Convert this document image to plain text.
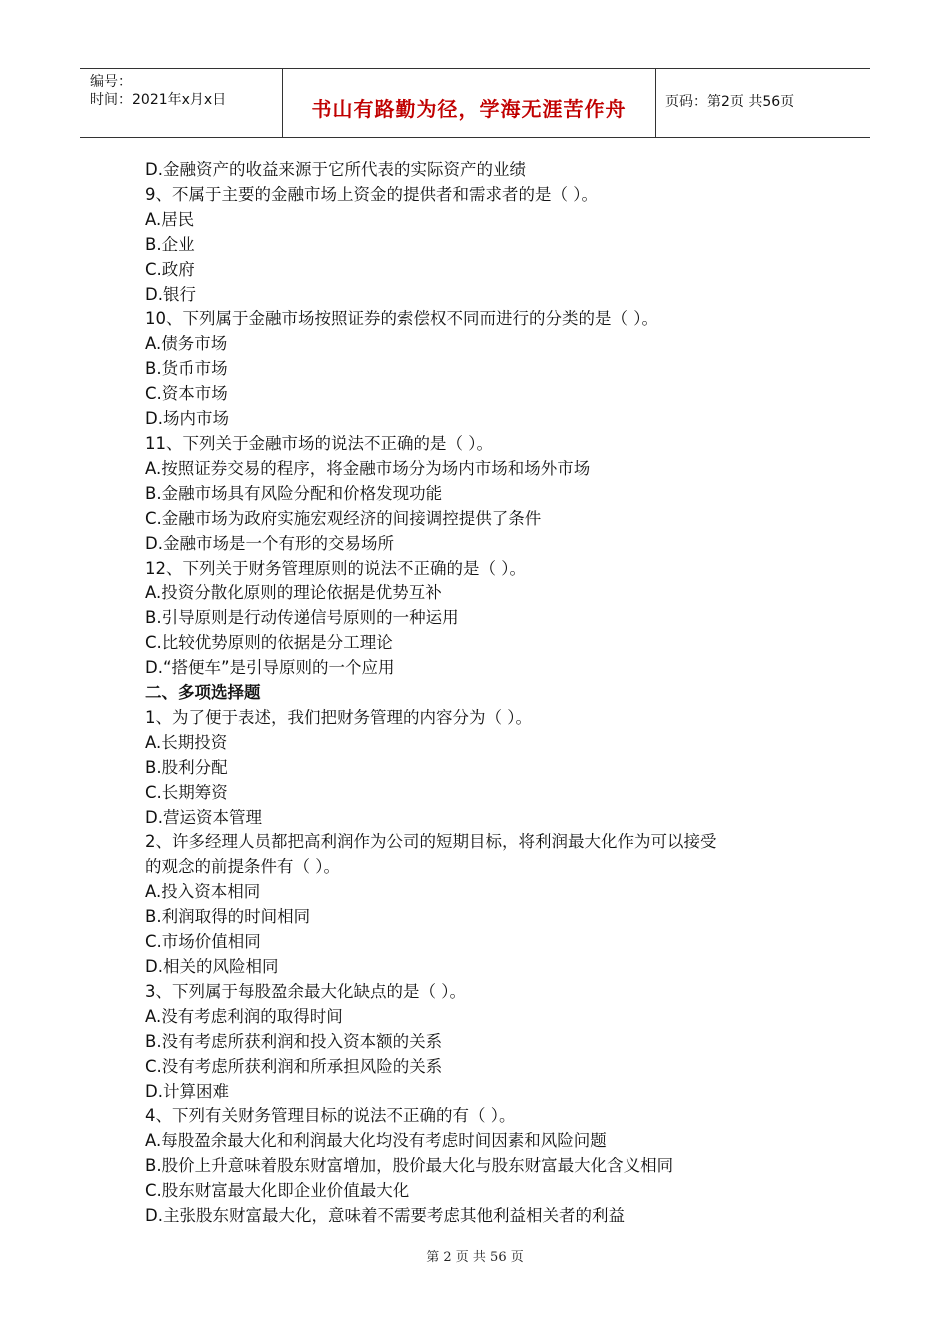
编号：
时间：2021年x月x日	书山有路勤为径，学海无涯苦作舟	页码：第2页 共56页
D.金融资产的收益来源于它所代表的实际资产的业绩
9、不属于主要的金融市场上资金的提供者和需求者的是（ ）。
A.居民
B.企业
C.政府
D.银行
10、下列属于金融市场按照证券的索偿权不同而进行的分类的是（ ）。
A.债务市场
B.货币市场
C.资本市场
D.场内市场
11、下列关于金融市场的说法不正确的是（ ）。
A.按照证券交易的程序，将金融市场分为场内市场和场外市场
B.金融市场具有风险分配和价格发现功能
C.金融市场为政府实施宏观经济的间接调控提供了条件
D.金融市场是一个有形的交易场所
12、下列关于财务管理原则的说法不正确的是（ ）。
A.投资分散化原则的理论依据是优势互补
B.引导原则是行动传递信号原则的一种运用
C.比较优势原则的依据是分工理论
D.“搭便车”是引导原则的一个应用
二、多项选择题
1、为了便于表述，我们把财务管理的内容分为（ ）。
A.长期投资
B.股利分配
C.长期筹资
D.营运资本管理
2、许多经理人员都把高利润作为公司的短期目标，将利润最大化作为可以接受
的观念的前提条件有（ ）。
A.投入资本相同
B.利润取得的时间相同
C.市场价值相同
D.相关的风险相同
3、下列属于每股盈余最大化缺点的是（ ）。
A.没有考虑利润的取得时间
B.没有考虑所获利润和投入资本额的关系
C.没有考虑所获利润和所承担风险的关系
D.计算困难
4、下列有关财务管理目标的说法不正确的有（ ）。
A.每股盈余最大化和利润最大化均没有考虑时间因素和风险问题
B.股价上升意味着股东财富增加，股价最大化与股东财富最大化含义相同
C.股东财富最大化即企业价值最大化
D.主张股东财富最大化，意味着不需要考虑其他利益相关者的利益
第 2 页 共 56 页
